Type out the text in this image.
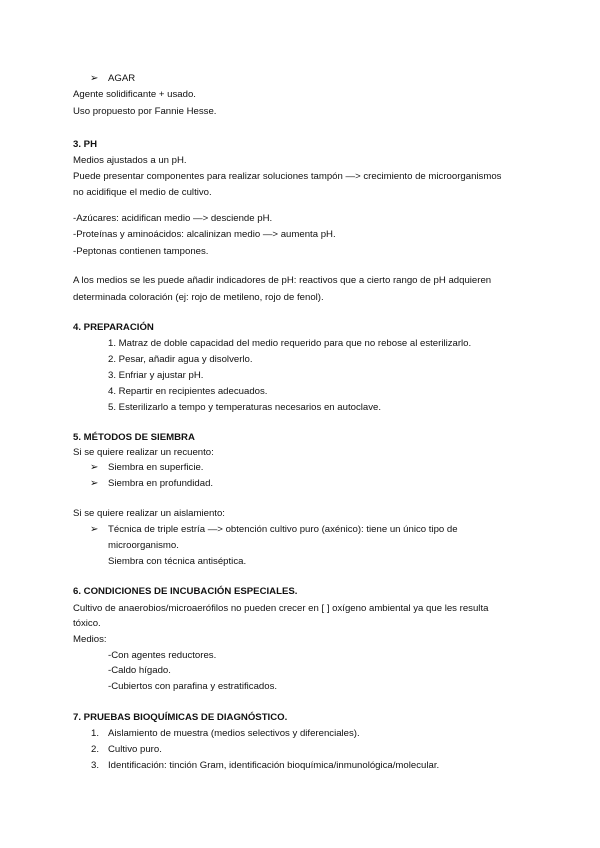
➢ AGAR
Agente solidificante + usado.
Uso propuesto por Fannie Hesse.
3. PH
Medios ajustados a un pH.
Puede presentar componentes para realizar soluciones tampón —> crecimiento de microorganismos
no acidifique el medio de cultivo.
-Azúcares: acidifican medio —> desciende pH.
-Proteínas y aminoácidos: alcalinizan medio —> aumenta pH.
-Peptonas contienen tampones.
A los medios se les puede añadir indicadores de pH: reactivos que a cierto rango de pH adquieren
determinada coloración (ej: rojo de metileno, rojo de fenol).
4. PREPARACIÓN
1. Matraz de doble capacidad del medio requerido para que no rebose al esterilizarlo.
2. Pesar, añadir agua y disolverlo.
3. Enfriar y ajustar pH.
4. Repartir en recipientes adecuados.
5. Esterilizarlo a tempo y temperaturas necesarios en autoclave.
5. MÉTODOS DE SIEMBRA
Si se quiere realizar un recuento:
➢ Siembra en superficie.
➢ Siembra en profundidad.
Si se quiere realizar un aislamiento:
➢ Técnica de triple estría —> obtención cultivo puro (axénico): tiene un único tipo de
microorganismo.
Siembra con técnica antiséptica.
6. CONDICIONES DE INCUBACIÓN ESPECIALES.
Cultivo de anaerobios/microaerófilos no pueden crecer en [ ] oxígeno ambiental ya que les resulta
tóxico.
Medios:
-Con agentes reductores.
-Caldo hígado.
-Cubiertos con parafina y estratificados.
7. PRUEBAS BIOQUÍMICAS DE DIAGNÓSTICO.
1. Aislamiento de muestra (medios selectivos y diferenciales).
2. Cultivo puro.
3. Identificación: tinción Gram, identificación bioquímica/inmunológica/molecular.
